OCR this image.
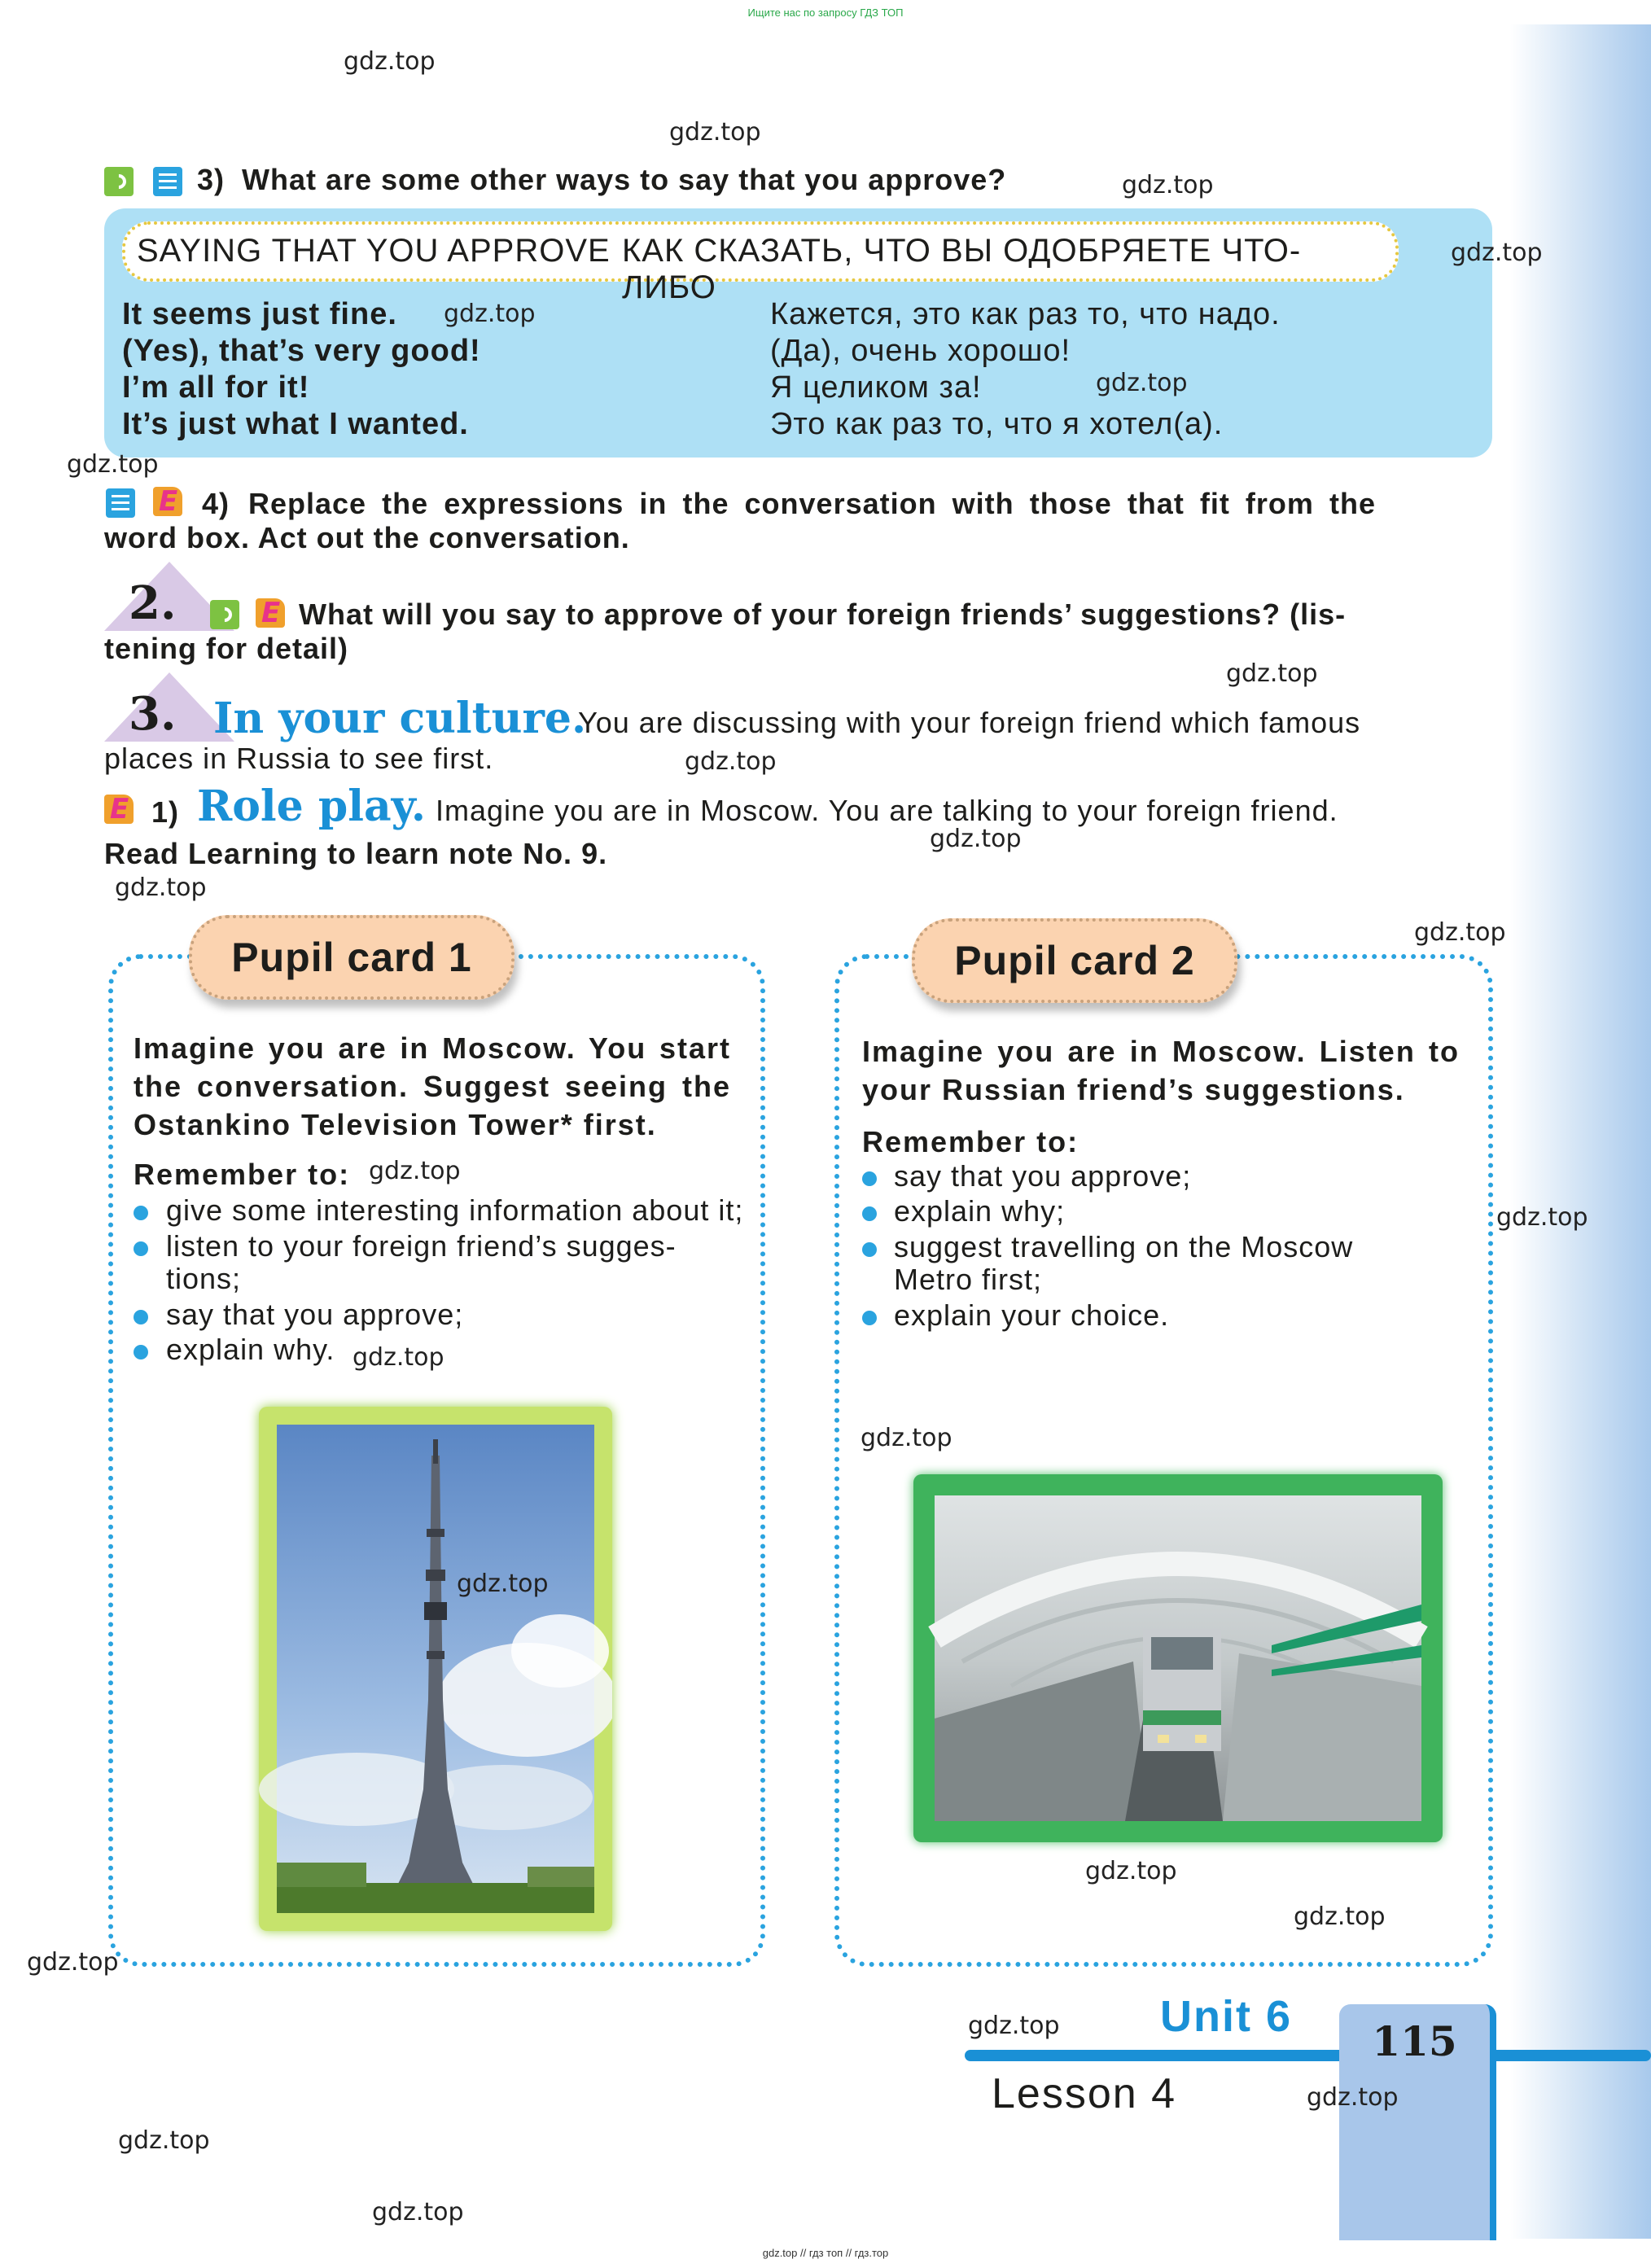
Ищите нас по запросу ГДЗ ТОП
3) What are some other ways to say that you approve?
SAYING THAT YOU APPROVE КАК СКАЗАТЬ, ЧТО ВЫ ОДОБРЯЕТЕ ЧТО-ЛИБО
It seems just fine.
(Yes), that’s very good!
I’m all for it!
It’s just what I wanted.
Кажется, это как раз то, что надо.
(Да), очень хорошо!
Я целиком за!
Это как раз то, что я хотел(а).
E
4) Replace the expressions in the conversation with those that fit from the
word box. Act out the conversation.
2.
E	What will you say to approve of your foreign friends’ suggestions? (lis-
tening for detail)
3. In your culture.
You are discussing with your foreign friend which famous
places in Russia to see first.
E
1) Role play. Imagine you are in Moscow. You are talking to your foreign friend.
Read Learning to learn note No. 9.
Pupil card 1
Imagine you are in Moscow. You start
the conversation. Suggest seeing the
Ostankino Television Tower* first.
Remember to:
give some interesting information about it;
listen to your foreign friend’s sugges-
tions;
say that you approve;
explain why.
Pupil card 2
Imagine you are in Moscow. Listen to
your Russian friend’s suggestions.
Remember to:
say that you approve;
explain why;
suggest travelling on the Moscow
Metro first;
explain your choice.
115
Unit 6
Lesson 4
gdz.top
gdz.top
gdz.top
gdz.top
gdz.top
gdz.top
gdz.top
gdz.top
gdz.top
gdz.top
gdz.top
gdz.top
gdz.top
gdz.top
gdz.top
gdz.top
gdz.top
gdz.top
gdz.top
gdz.top
gdz.top
gdz.top
gdz.top
gdz.top
gdz.top // гдз топ // гдз.тор
